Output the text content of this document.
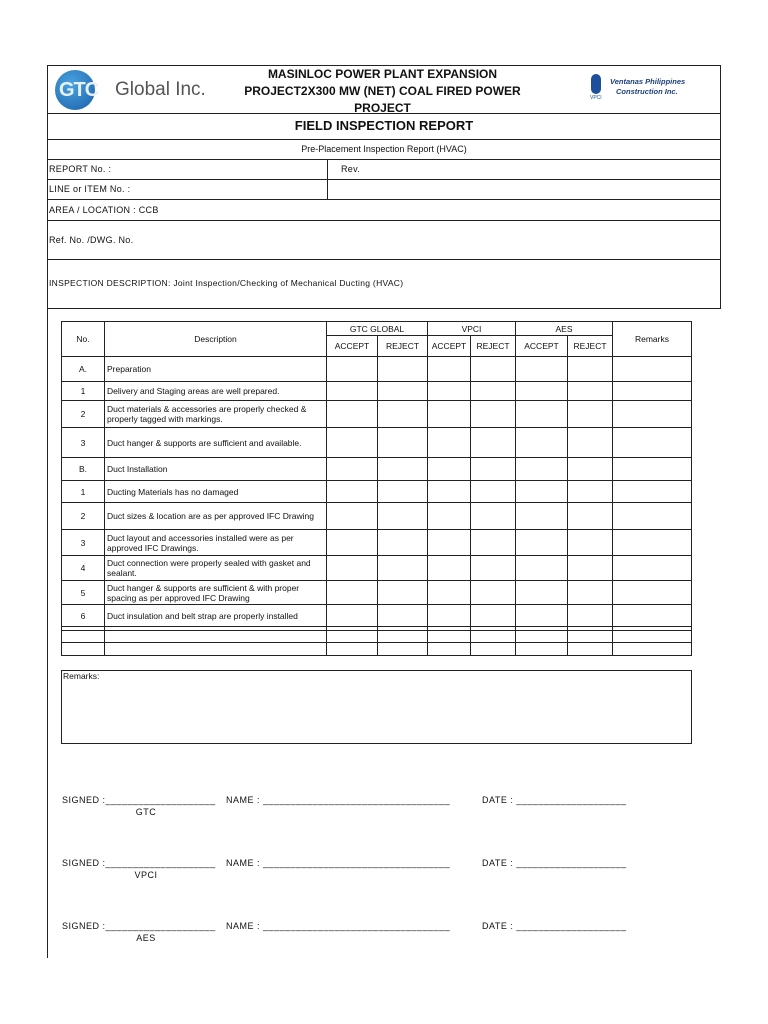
GTC Global Inc.
MASINLOC POWER PLANT EXPANSION
PROJECT2X300 MW (NET) COAL FIRED POWER
PROJECT
VPCI
Ventanas Philippines
Construction Inc.
FIELD INSPECTION REPORT
Pre-Placement Inspection Report (HVAC)
REPORT No. :	Rev.
LINE or ITEM No. :
AREA / LOCATION : CCB
Ref. No. /DWG. No.
INSPECTION DESCRIPTION: Joint Inspection/Checking of Mechanical Ducting (HVAC)
No.	Description	GTC GLOBAL		VPCI		AES		Remarks
		ACCEPT	REJECT	ACCEPT	REJECT	ACCEPT	REJECT	
A.	Preparation							
1	Delivery and Staging areas are well prepared.							
2	Duct materials & accessories are properly checked & properly tagged with markings.							
3	Duct hanger & supports are sufficient and available.							
B.	Duct Installation							
1	Ducting Materials has no damaged							
2	Duct sizes & location are as per approved IFC Drawing							
3	Duct layout and accessories installed were as per approved IFC Drawings.							
4	Duct connection were properly sealed with gasket and sealant.							
5	Duct hanger & supports are sufficient & with proper spacing as per approved IFC Drawing							
6	Duct insulation and belt strap are properly installed							

Remarks:
SIGNED :____________________ NAME : __________________________________	DATE : ____________________
GTC
SIGNED :____________________ NAME : __________________________________	DATE : ____________________
VPCI
SIGNED :____________________ NAME : __________________________________	DATE : ____________________
AES
